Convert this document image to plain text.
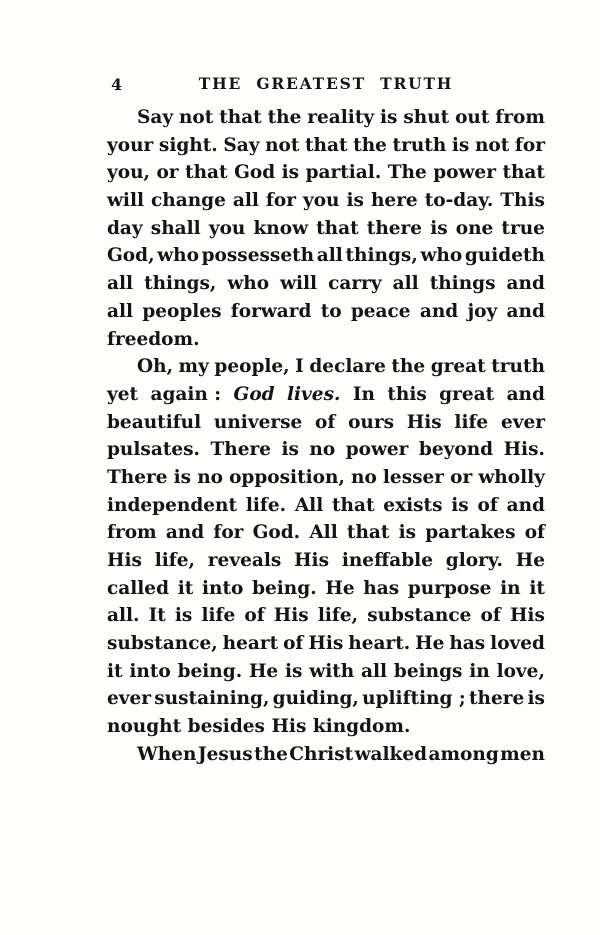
4	THE GREATEST TRUTH
Say not that the reality is shut out from
your sight. Say not that the truth is not for
you, or that God is partial. The power that
will change all for you is here to-day. This
day shall you know that there is one true
God, who possesseth all things, who guideth
all things, who will carry all things and
all peoples forward to peace and joy and
freedom.
Oh, my people, I declare the great truth
yet again : God lives. In this great and
beautiful universe of ours His life ever
pulsates. There is no power beyond His.
There is no opposition, no lesser or wholly
independent life. All that exists is of and
from and for God. All that is partakes of
His life, reveals His ineffable glory. He
called it into being. He has purpose in it
all. It is life of His life, substance of His
substance, heart of His heart. He has loved
it into being. He is with all beings in love,
ever sustaining, guiding, uplifting ; there is
nought besides His kingdom.
When Jesus the Christ walked among men
